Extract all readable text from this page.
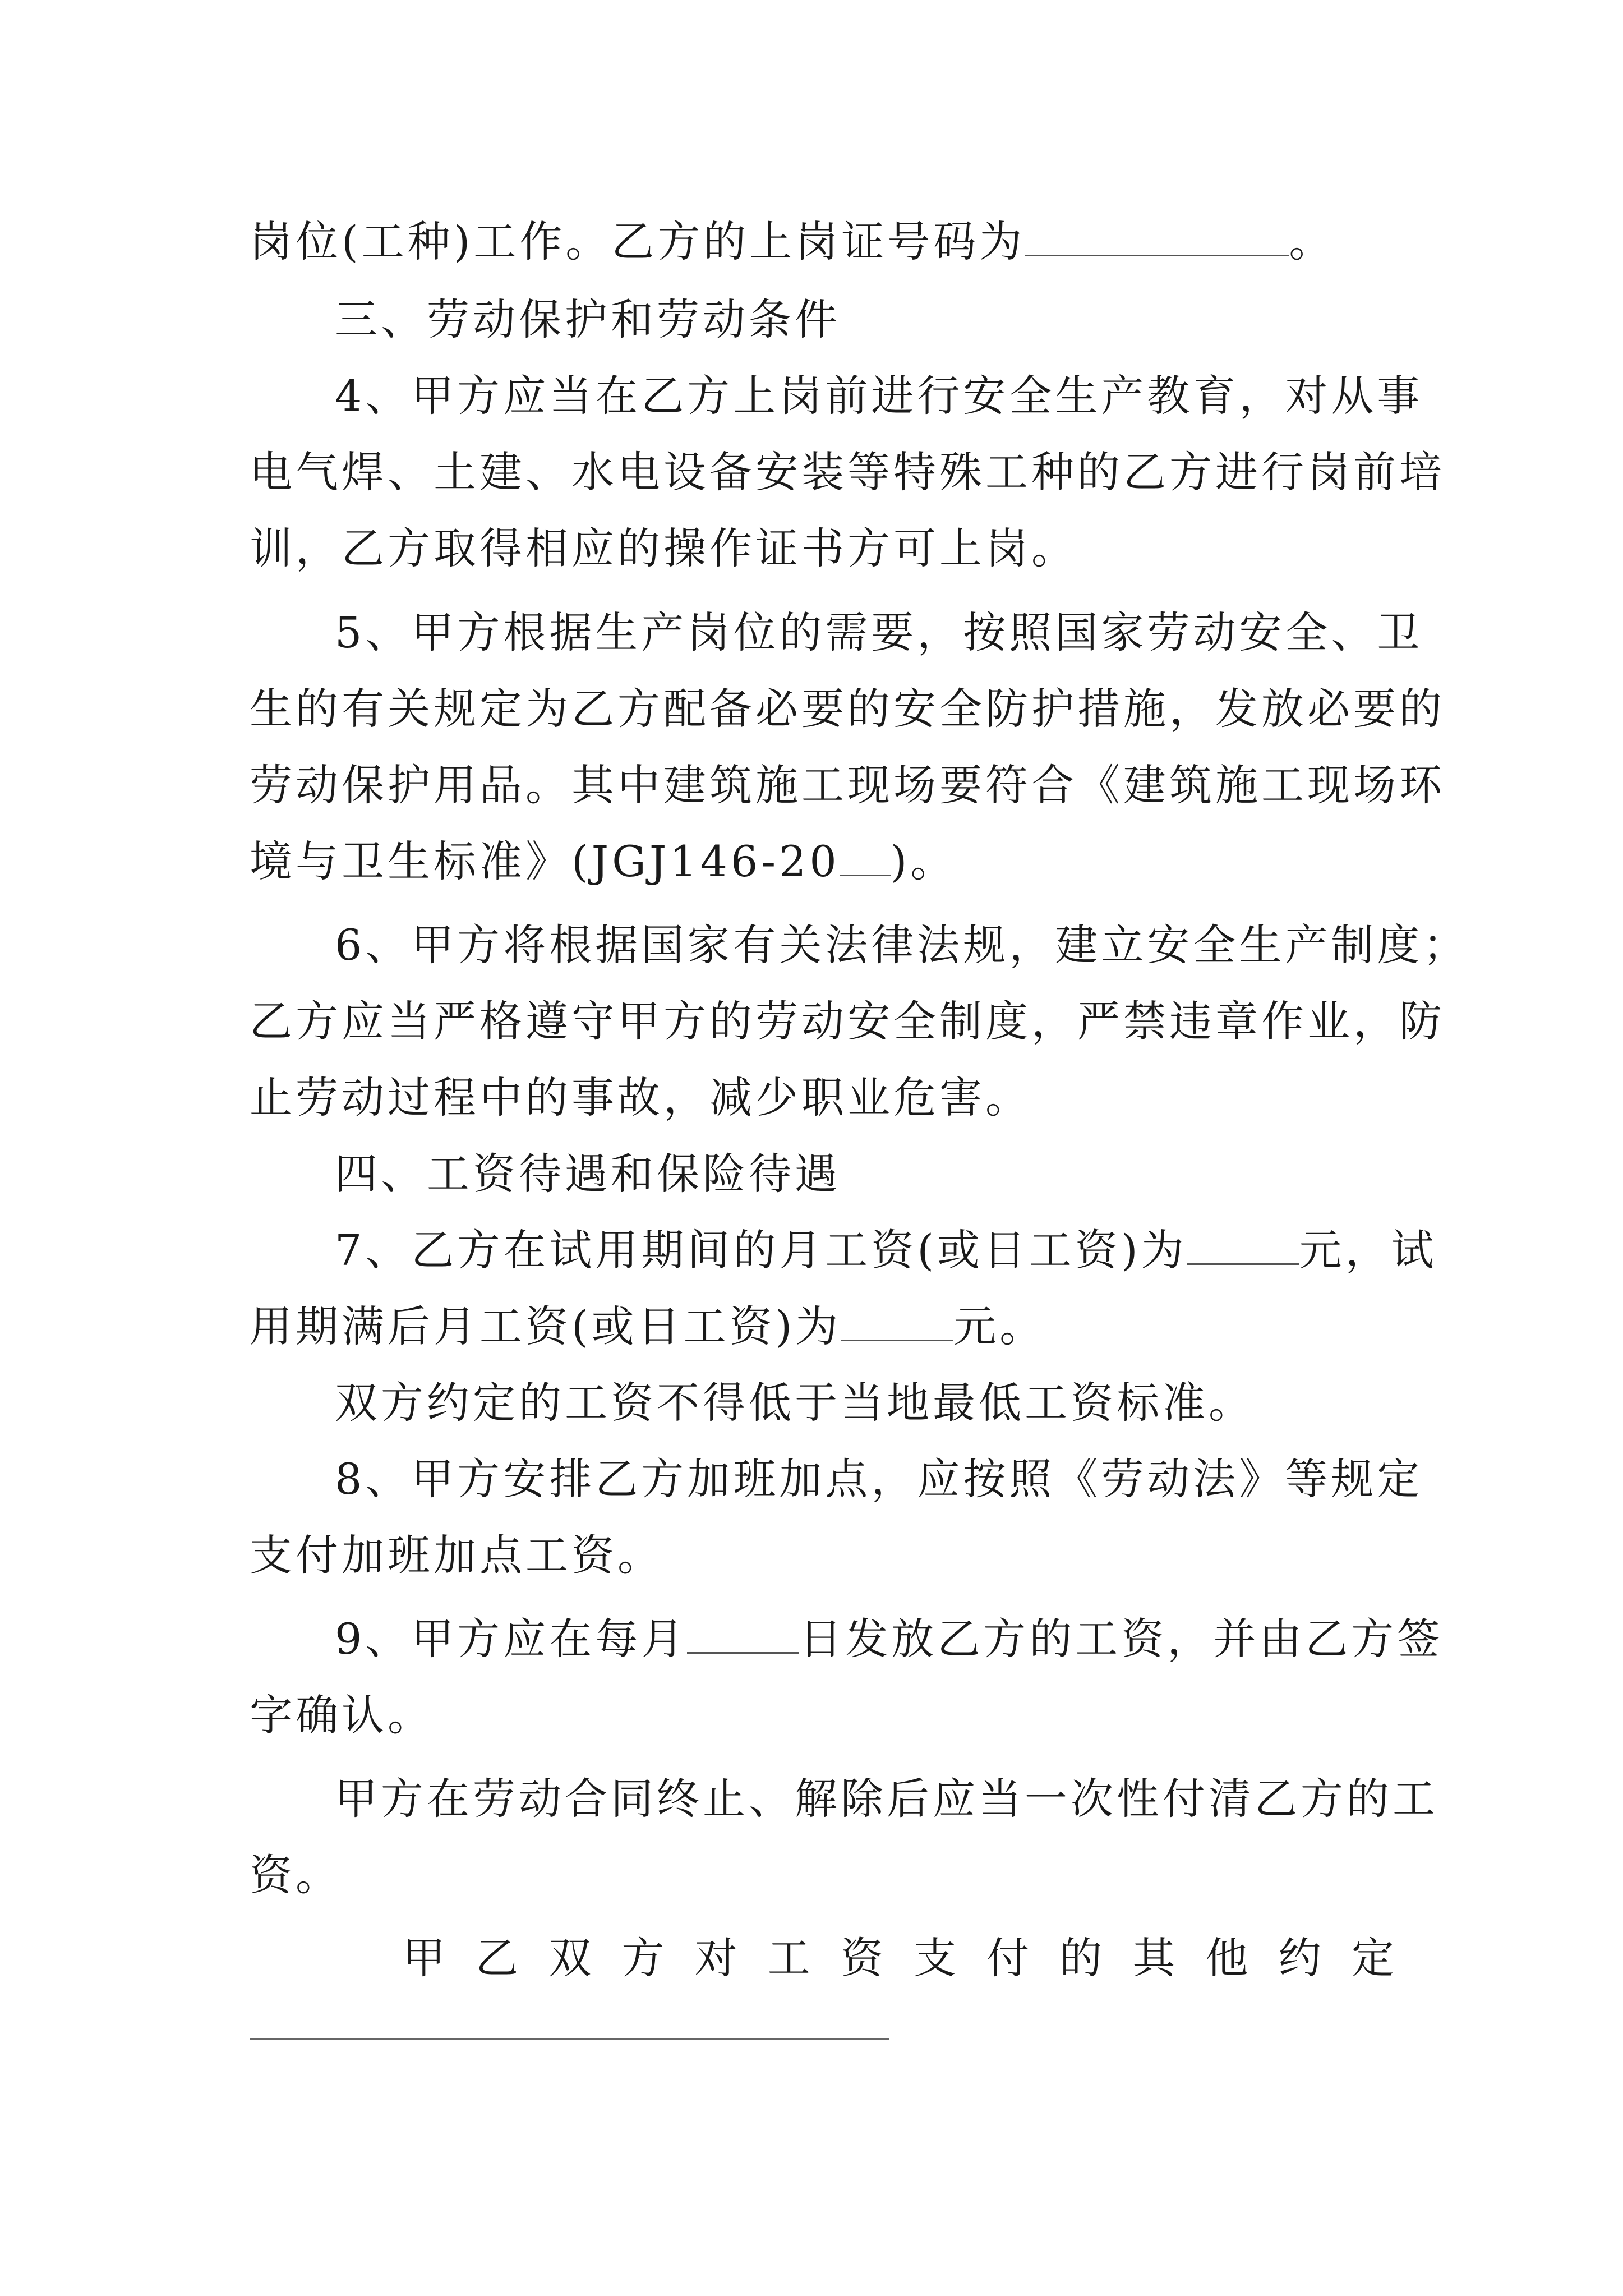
岗位(工种)工作。乙方的上岗证号码为	。
三、劳动保护和劳动条件
4、甲方应当在乙方上岗前进行安全生产教育，对从事
电气焊、土建、水电设备安装等特殊工种的乙方进行岗前培
训，乙方取得相应的操作证书方可上岗。
5、甲方根据生产岗位的需要，按照国家劳动安全、卫
生的有关规定为乙方配备必要的安全防护措施，发放必要的
劳动保护用品。其中建筑施工现场要符合《建筑施工现场环
境与卫生标准》(JGJ146-20 )。
6、甲方将根据国家有关法律法规，建立安全生产制度；
乙方应当严格遵守甲方的劳动安全制度，严禁违章作业，防
止劳动过程中的事故，减少职业危害。
四、工资待遇和保险待遇
7、乙方在试用期间的月工资(或日工资)为	元，试
用期满后月工资(或日工资)为	元。
双方约定的工资不得低于当地最低工资标准。
8、甲方安排乙方加班加点，应按照《劳动法》等规定
支付加班加点工资。
9、甲方应在每月	日发放乙方的工资，并由乙方签
字确认。
甲方在劳动合同终止、解除后应当一次性付清乙方的工
资。
甲 乙 双 方 对 工 资 支 付 的 其 他 约 定
